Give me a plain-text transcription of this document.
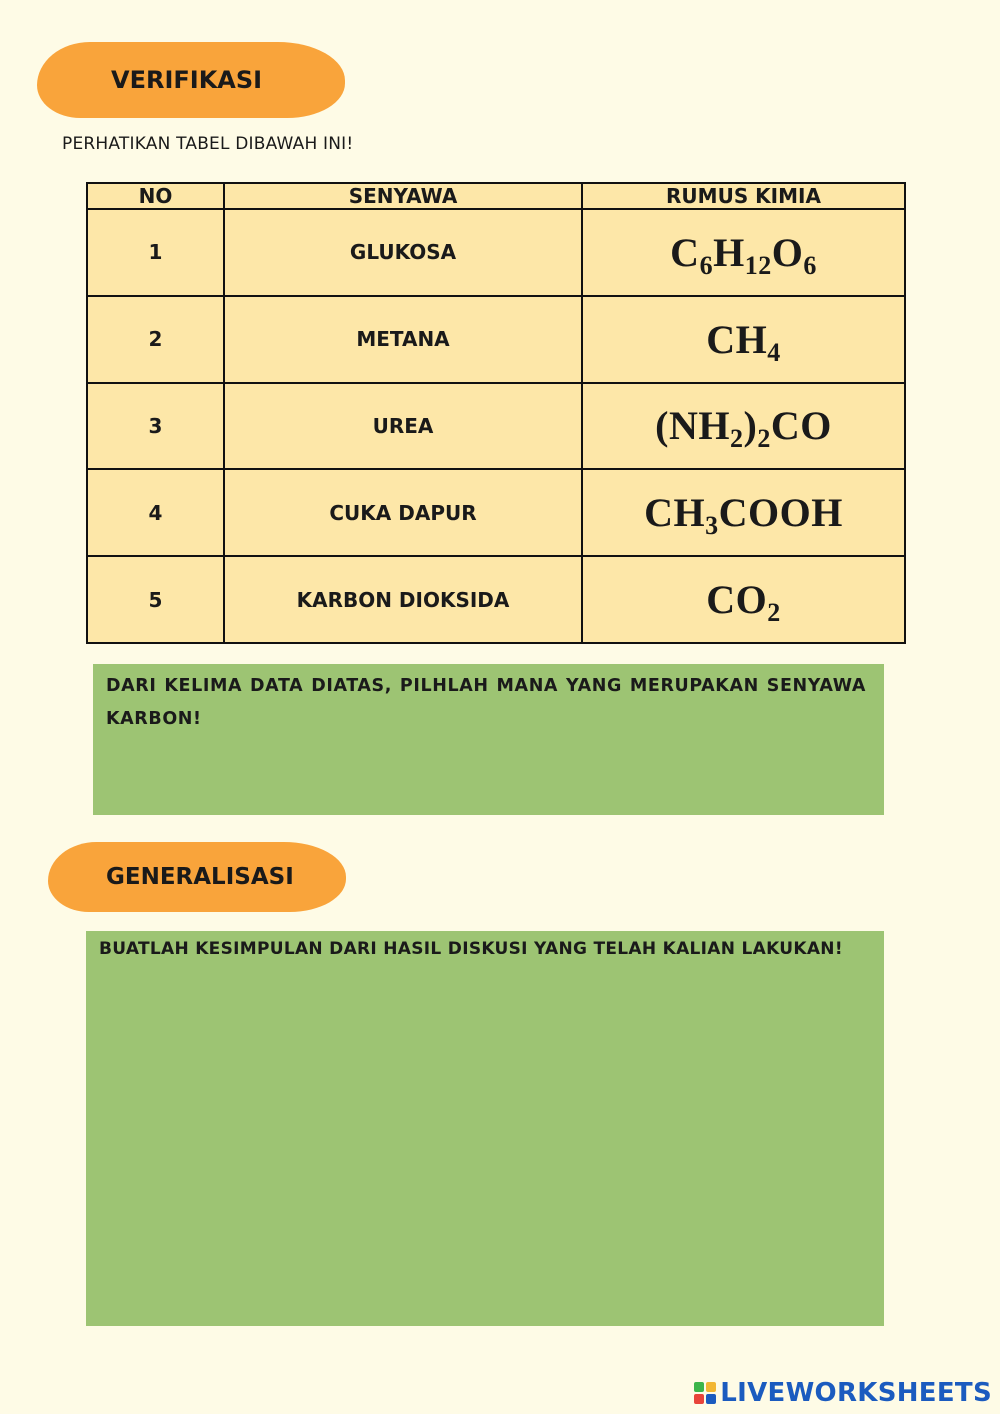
VERIFIKASI
PERHATIKAN TABEL DIBAWAH INI!
NO	SENYAWA	RUMUS KIMIA
1	GLUKOSA	$C_6H_{12}O_6$
2	METANA	$CH_4$
3	UREA	$(NH_2)_2CO$
4	CUKA DAPUR	$CH_3COOH$
5	KARBON DIOKSIDA	$CO_2$
DARI KELIMA DATA DIATAS, PILHLAH MANA YANG MERUPAKAN SENYAWA KARBON!
GENERALISASI
BUATLAH KESIMPULAN DARI HASIL DISKUSI YANG TELAH KALIAN LAKUKAN!
LIVEWORKSHEETS
